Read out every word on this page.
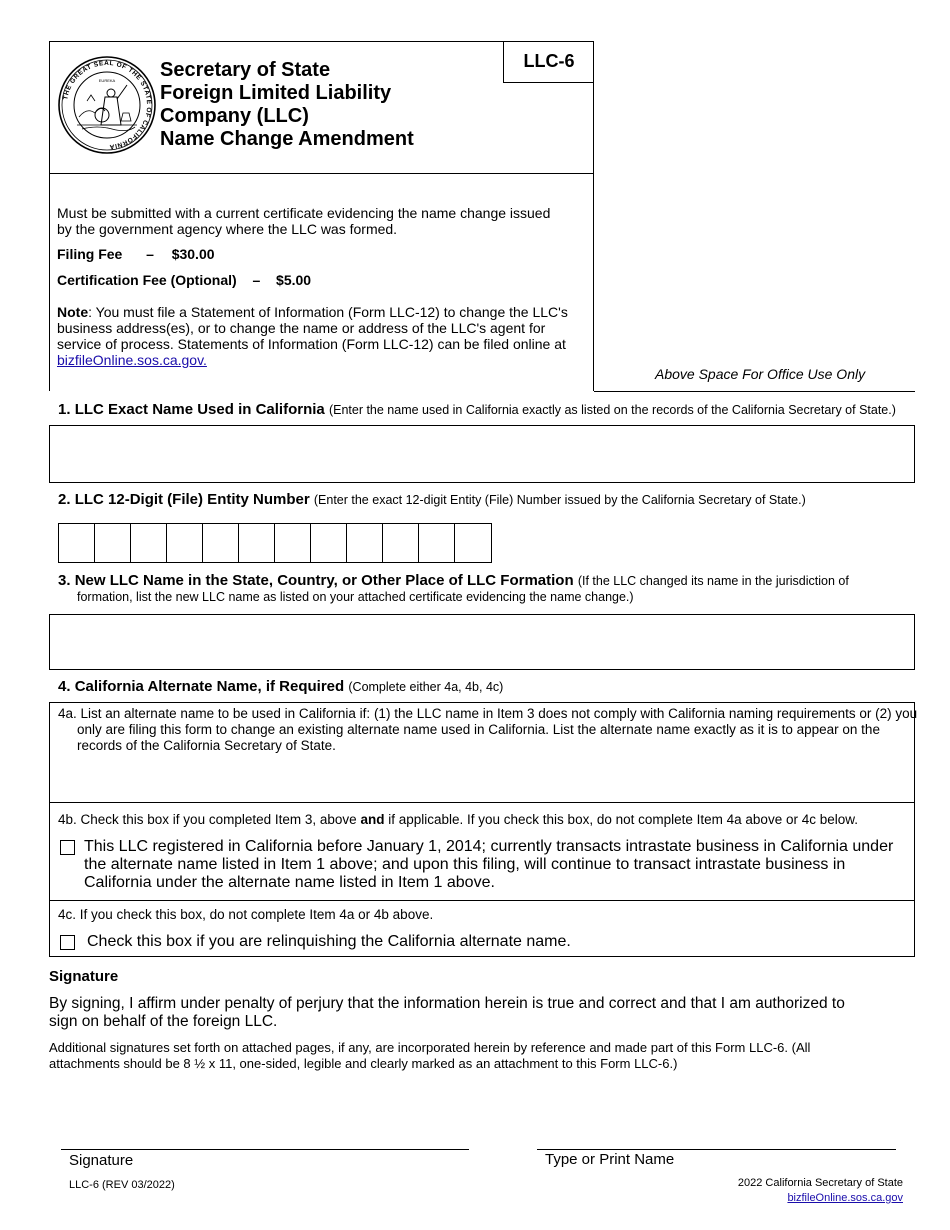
LLC-6
THE GREAT SEAL OF THE STATE OF CALIFORNIA
EUREKA Secretary of State
Foreign Limited Liability
Company (LLC)
Name Change Amendment
Must be submitted with a current certificate evidencing the name change issued by the government agency where the LLC was formed.
Filing Fee – $30.00
Certification Fee (Optional) – $5.00
Note: You must file a Statement of Information (Form LLC-12) to change the LLC's business address(es), or to change the name or address of the LLC's agent for service of process. Statements of Information (Form LLC-12) can be filed online at
bizfileOnline.sos.ca.gov.
Above Space For Office Use Only
1. LLC Exact Name Used in California (Enter the name used in California exactly as listed on the records of the California Secretary of State.)
2. LLC 12-Digit (File) Entity Number (Enter the exact 12-digit Entity (File) Number issued by the California Secretary of State.)
3. New LLC Name in the State, Country, or Other Place of LLC Formation (If the LLC changed its name in the jurisdiction of
formation, list the new LLC name as listed on your attached certificate evidencing the name change.)
4. California Alternate Name, if Required (Complete either 4a, 4b, 4c)
4a. List an alternate name to be used in California if: (1) the LLC name in Item 3 does not comply with California naming requirements or (2) you only are filing this form to change an existing alternate name used in California. List the alternate name exactly as it is to appear on the records of the California Secretary of State.
4b. Check this box if you completed Item 3, above and if applicable. If you check this box, do not complete Item 4a above or 4c below.
This LLC registered in California before January 1, 2014; currently transacts intrastate business in California under the alternate name listed in Item 1 above; and upon this filing, will continue to transact intrastate business in California under the alternate name listed in Item 1 above.
4c. If you check this box, do not complete Item 4a or 4b above.
Check this box if you are relinquishing the California alternate name.
Signature
By signing, I affirm under penalty of perjury that the information herein is true and correct and that I am authorized to sign on behalf of the foreign LLC.
Additional signatures set forth on attached pages, if any, are incorporated herein by reference and made part of this Form LLC-6. (All attachments should be 8 ½ x 11, one-sided, legible and clearly marked as an attachment to this Form LLC-6.)
Signature	Type or Print Name
LLC-6 (REV 03/2022)	2022 California Secretary of State
bizfileOnline.sos.ca.gov
